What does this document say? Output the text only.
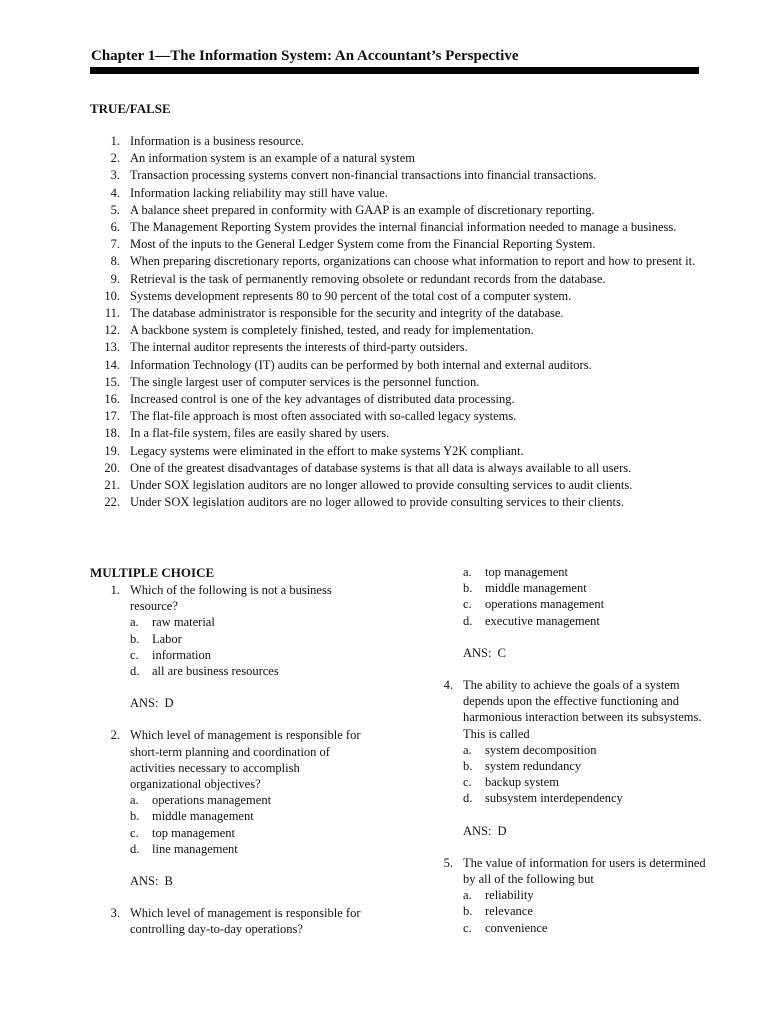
Chapter 1—The Information System: An Accountant’s Perspective
TRUE/FALSE
1. Information is a business resource.
2. An information system is an example of a natural system
3. Transaction processing systems convert non-financial transactions into financial transactions.
4. Information lacking reliability may still have value.
5. A balance sheet prepared in conformity with GAAP is an example of discretionary reporting.
6. The Management Reporting System provides the internal financial information needed to manage a business.
7. Most of the inputs to the General Ledger System come from the Financial Reporting System.
8. When preparing discretionary reports, organizations can choose what information to report and how to present it.
9. Retrieval is the task of permanently removing obsolete or redundant records from the database.
10. Systems development represents 80 to 90 percent of the total cost of a computer system.
11. The database administrator is responsible for the security and integrity of the database.
12. A backbone system is completely finished, tested, and ready for implementation.
13. The internal auditor represents the interests of third-party outsiders.
14. Information Technology (IT) audits can be performed by both internal and external auditors.
15. The single largest user of computer services is the personnel function.
16. Increased control is one of the key advantages of distributed data processing.
17. The flat-file approach is most often associated with so-called legacy systems.
18. In a flat-file system, files are easily shared by users.
19. Legacy systems were eliminated in the effort to make systems Y2K compliant.
20. One of the greatest disadvantages of database systems is that all data is always available to all users.
21. Under SOX legislation auditors are no longer allowed to provide consulting services to audit clients.
22. Under SOX legislation auditors are no loger allowed to provide consulting services to their clients.
MULTIPLE CHOICE
1. Which of the following is not a business resource?
a. raw material
b. Labor
c. information
d. all are business resources
ANS: D
2. Which level of management is responsible for short-term planning and coordination of activities necessary to accomplish organizational objectives?
a. operations management
b. middle management
c. top management
d. line management
ANS: B
3. Which level of management is responsible for controlling day-to-day operations?
a. top management
b. middle management
c. operations management
d. executive management
ANS: C
4. The ability to achieve the goals of a system depends upon the effective functioning and harmonious interaction between its subsystems. This is called
a. system decomposition
b. system redundancy
c. backup system
d. subsystem interdependency
ANS: D
5. The value of information for users is determined by all of the following but
a. reliability
b. relevance
c. convenience
